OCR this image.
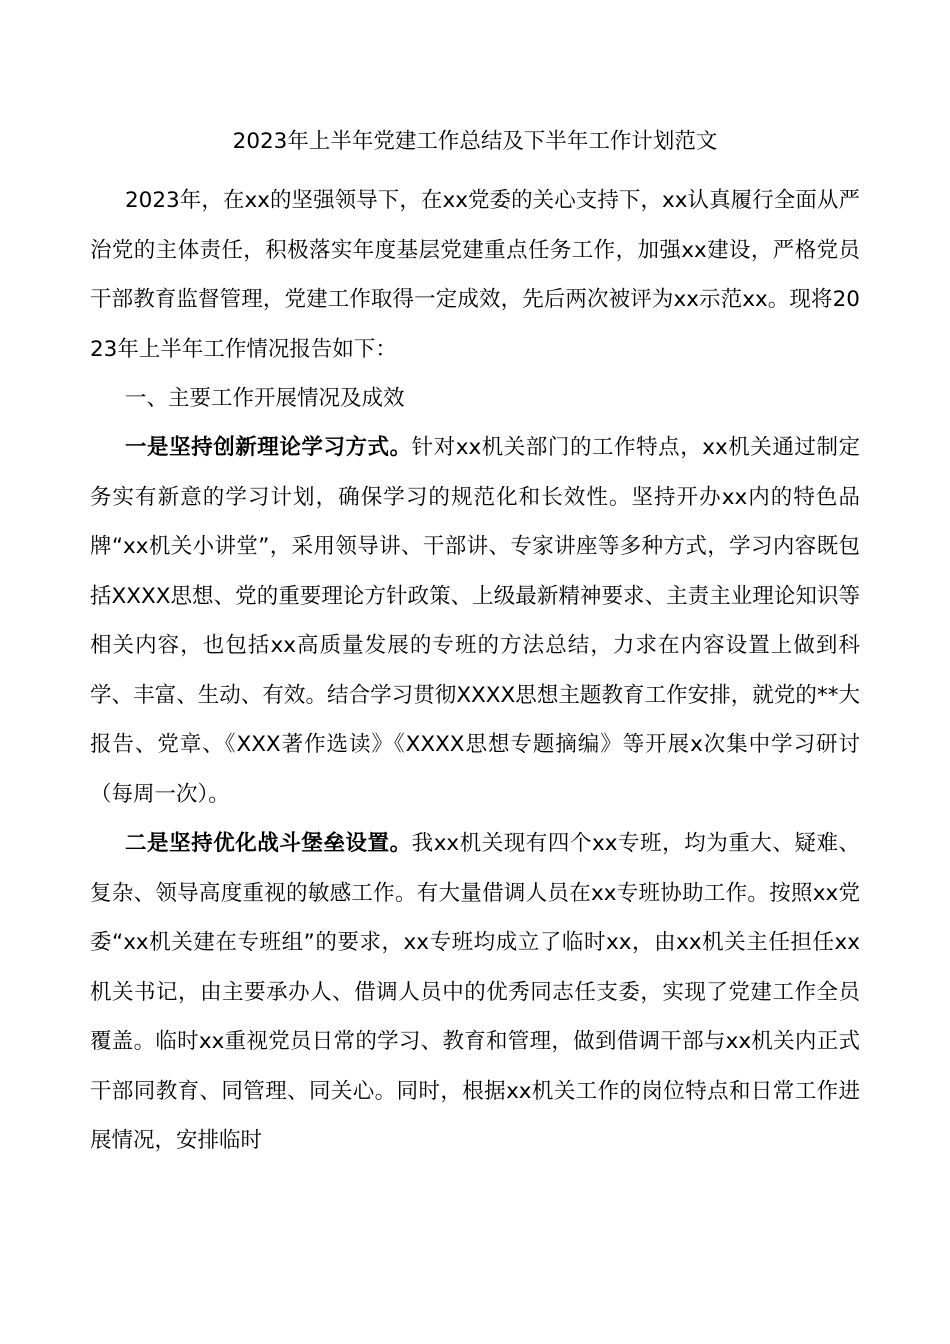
2023年上半年党建工作总结及下半年工作计划范文

2023年，在xx的坚强领导下，在xx党委的关心支持下，xx认真履行全面从严治党的主体责任，积极落实年度基层党建重点任务工作，加强xx建设，严格党员干部教育监督管理，党建工作取得一定成效，先后两次被评为xx示范xx。现将2023年上半年工作情况报告如下：

一、主要工作开展情况及成效

一是坚持创新理论学习方式。针对xx机关部门的工作特点，xx机关通过制定务实有新意的学习计划，确保学习的规范化和长效性。坚持开办xx内的特色品牌“xx机关小讲堂”，采用领导讲、干部讲、专家讲座等多种方式，学习内容既包括XXXX思想、党的重要理论方针政策、上级最新精神要求、主责主业理论知识等相关内容，也包括xx高质量发展的专班的方法总结，力求在内容设置上做到科学、丰富、生动、有效。结合学习贯彻XXXX思想主题教育工作安排，就党的**大报告、党章、《XXX著作选读》《XXXX思想专题摘编》等开展x次集中学习研讨（每周一次）。

二是坚持优化战斗堡垒设置。我xx机关现有四个xx专班，均为重大、疑难、复杂、领导高度重视的敏感工作。有大量借调人员在xx专班协助工作。按照xx党委“xx机关建在专班组”的要求，xx专班均成立了临时xx，由xx机关主任担任xx机关书记，由主要承办人、借调人员中的优秀同志任支委，实现了党建工作全员覆盖。临时xx重视党员日常的学习、教育和管理，做到借调干部与xx机关内正式干部同教育、同管理、同关心。同时，根据xx机关工作的岗位特点和日常工作进展情况，安排临时
